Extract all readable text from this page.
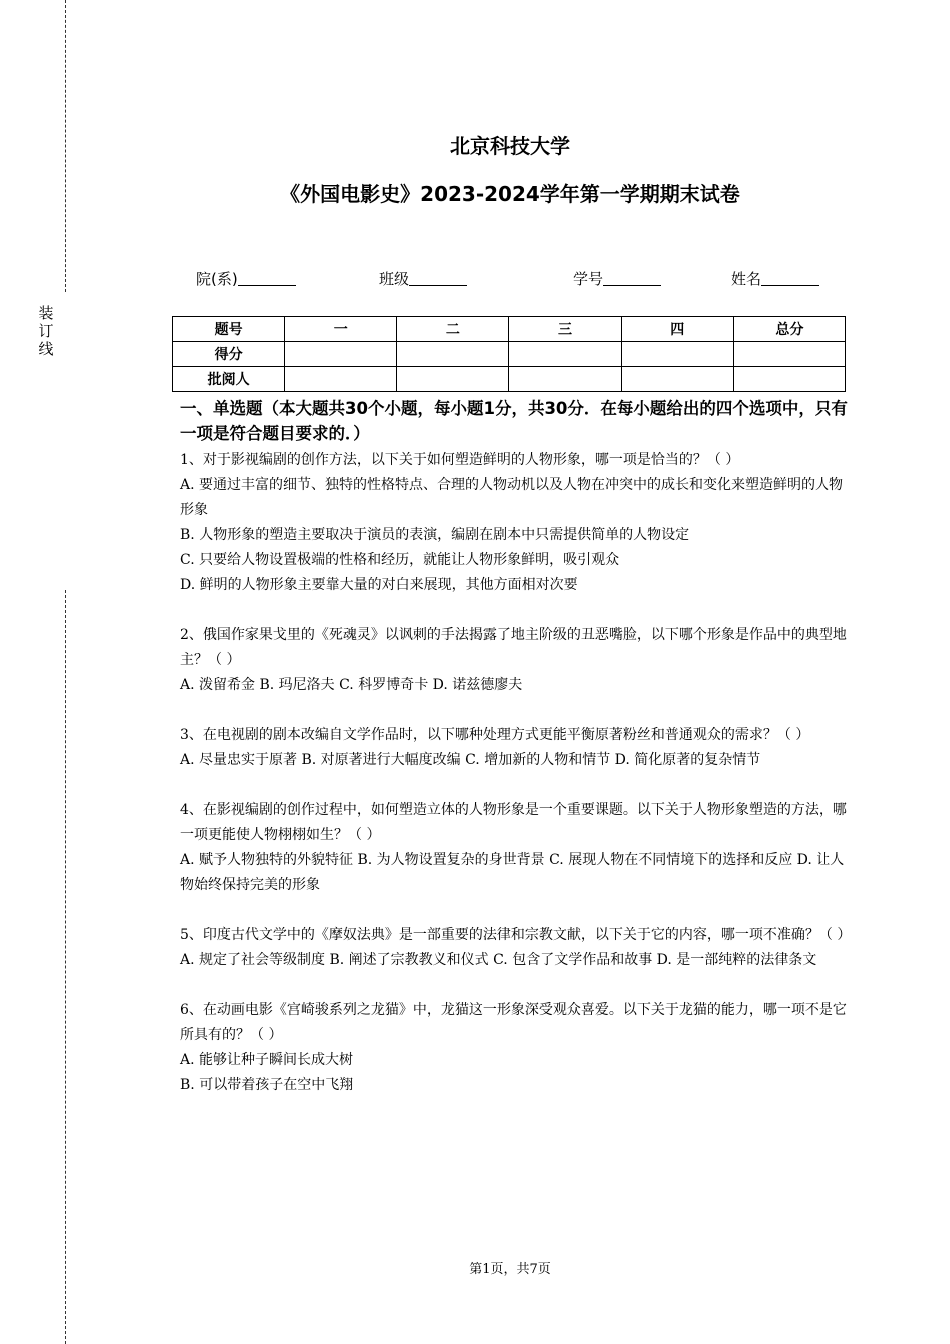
装
订
线
北京科技大学
《外国电影史》2023-2024学年第一学期期末试卷
院(系)	班级	学号	姓名
题号	一	二	三	四	总分
得分					
批阅人					
一、单选题（本大题共30个小题，每小题1分，共30分．在每小题给出的四个选项中，只有一项是符合题目要求的．）

1、对于影视编剧的创作方法，以下关于如何塑造鲜明的人物形象，哪一项是恰当的？（ ）

A. 要通过丰富的细节、独特的性格特点、合理的人物动机以及人物在冲突中的成长和变化来塑造鲜明的人物形象

B. 人物形象的塑造主要取决于演员的表演，编剧在剧本中只需提供简单的人物设定

C. 只要给人物设置极端的性格和经历，就能让人物形象鲜明，吸引观众

D. 鲜明的人物形象主要靠大量的对白来展现，其他方面相对次要

2、俄国作家果戈里的《死魂灵》以讽刺的手法揭露了地主阶级的丑恶嘴脸，以下哪个形象是作品中的典型地主？（ ）

A. 泼留希金 B. 玛尼洛夫 C. 科罗博奇卡 D. 诺兹德廖夫

3、在电视剧的剧本改编自文学作品时，以下哪种处理方式更能平衡原著粉丝和普通观众的需求？（ ）

A. 尽量忠实于原著 B. 对原著进行大幅度改编 C. 增加新的人物和情节 D. 简化原著的复杂情节

4、在影视编剧的创作过程中，如何塑造立体的人物形象是一个重要课题。以下关于人物形象塑造的方法，哪一项更能使人物栩栩如生？（ ）

A. 赋予人物独特的外貌特征 B. 为人物设置复杂的身世背景 C. 展现人物在不同情境下的选择和反应 D. 让人物始终保持完美的形象

5、印度古代文学中的《摩奴法典》是一部重要的法律和宗教文献，以下关于它的内容，哪一项不准确？（ ）

A. 规定了社会等级制度 B. 阐述了宗教教义和仪式 C. 包含了文学作品和故事 D. 是一部纯粹的法律条文

6、在动画电影《宫崎骏系列之龙猫》中，龙猫这一形象深受观众喜爱。以下关于龙猫的能力，哪一项不是它所具有的？（ ）

A. 能够让种子瞬间长成大树

B. 可以带着孩子在空中飞翔

第1页，共7页
